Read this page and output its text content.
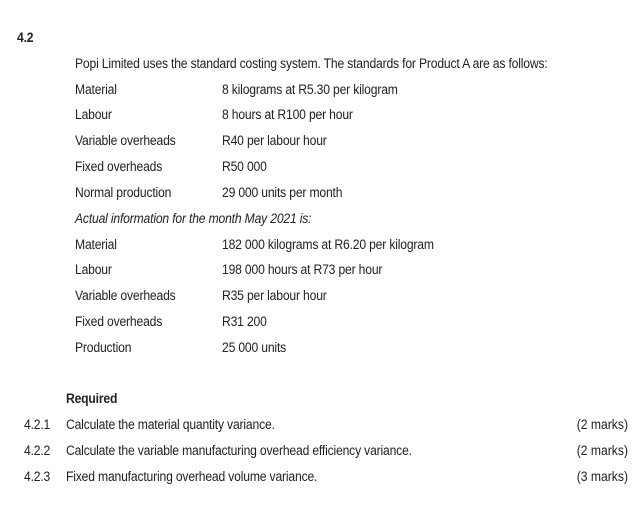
4.2
Popi Limited uses the standard costing system. The standards for Product A are as follows:
Material	8 kilograms at R5.30 per kilogram
Labour	8 hours at R100 per hour
Variable overheads	R40 per labour hour
Fixed overheads	R50 000
Normal production	29 000 units per month
Actual information for the month May 2021 is:
Material	182 000 kilograms at R6.20 per kilogram
Labour	198 000 hours at R73 per hour
Variable overheads	R35 per labour hour
Fixed overheads	R31 200
Production	25 000 units
Required
4.2.1 Calculate the material quantity variance.	(2 marks)
4.2.2 Calculate the variable manufacturing overhead efficiency variance.	(2 marks)
4.2.3 Fixed manufacturing overhead volume variance.	(3 marks)
